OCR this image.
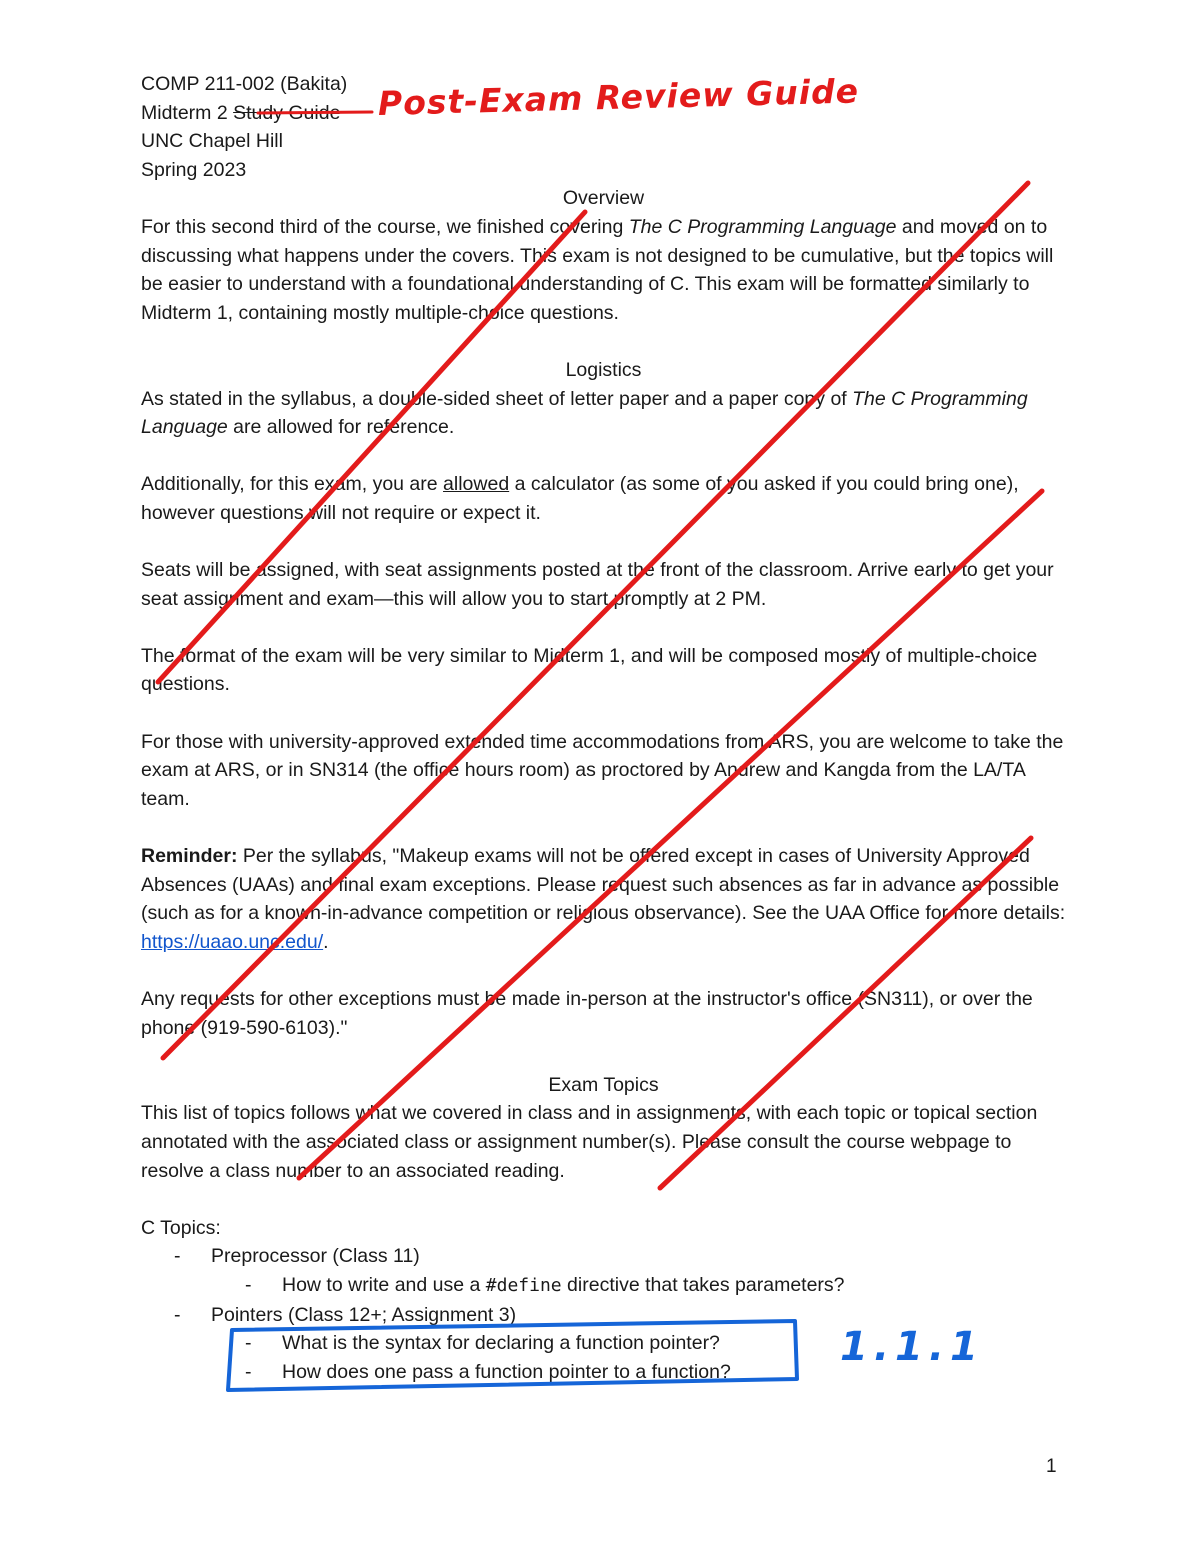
COMP 211-002 (Bakita)

Midterm 2 Study Guide

UNC Chapel Hill

Spring 2023

Overview

For this second third of the course, we finished covering The C Programming Language and moved on to discussing what happens under the covers. This exam is not designed to be cumulative, but the topics will be easier to understand with a foundational understanding of C. This exam will be formatted similarly to Midterm 1, containing mostly multiple-choice questions.

Logistics

As stated in the syllabus, a double-sided sheet of letter paper and a paper copy of The C Programming Language are allowed for reference.

Additionally, for this exam, you are allowed a calculator (as some of you asked if you could bring one), however questions will not require or expect it.

Seats will be assigned, with seat assignments posted at the front of the classroom. Arrive early to get your seat assignment and exam—this will allow you to start promptly at 2 PM.

The format of the exam will be very similar to Midterm 1, and will be composed mostly of multiple-choice questions.

For those with university-approved extended time accommodations from ARS, you are welcome to take the exam at ARS, or in SN314 (the office hours room) as proctored by Andrew and Kangda from the LA/TA team.

Reminder: Per the syllabus, "Makeup exams will not be offered except in cases of University Approved Absences (UAAs) and final exam exceptions. Please request such absences as far in advance as possible (such as for a known-in-advance competition or religious observance). See the UAA Office for more details: https://uaao.unc.edu/.

Any requests for other exceptions must be made in-person at the instructor's office (SN311), or over the phone (919-590-6103)."

Exam Topics

This list of topics follows what we covered in class and in assignments, with each topic or topical section annotated with the associated class or assignment number(s). Please consult the course webpage to resolve a class number to an associated reading.

C Topics:

- Preprocessor (Class 11)
- How to write and use a #define directive that takes parameters?
- Pointers (Class 12+; Assignment 3)
- What is the syntax for declaring a function pointer?
- How does one pass a function pointer to a function?
1
Post-Exam Review Guide
1.1.1
